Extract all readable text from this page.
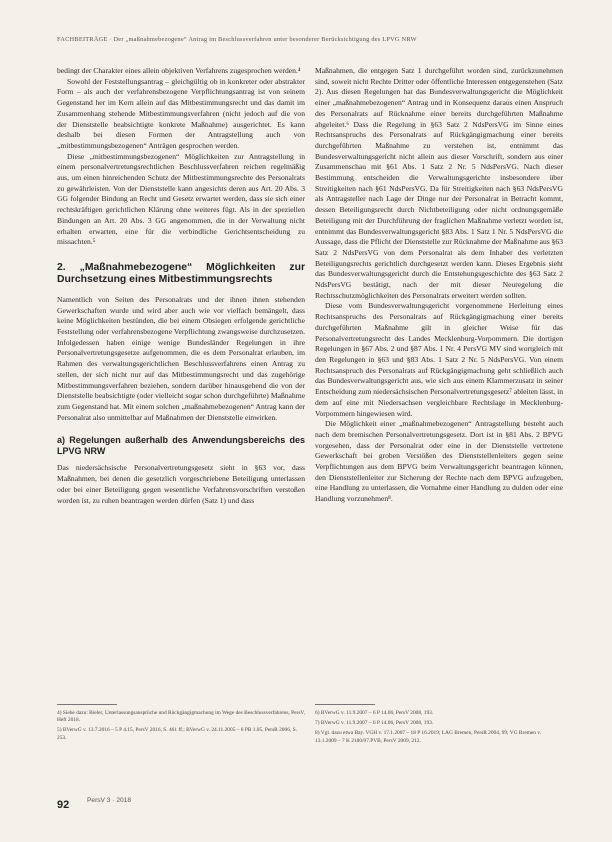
FACHBEITRÄGE · Der „maßnahmebezogene“ Antrag im Beschlussverfahren unter besonderer Berücksichtigung des LPVG NRW

bedingt der Charakter eines allein objektiven Verfahrens zugesprochen werden.⁴

Sowohl der Feststellungsantrag – gleichgültig ob in konkreter oder abstrakter Form – als auch der verfahrensbezogene Verpflichtungsantrag ist von seinem Gegenstand her im Kern allein auf das Mitbestimmungsrecht und das damit im Zusammenhang stehende Mitbestimmungsverfahren (nicht jedoch auf die von der Dienststelle beabsichtigte konkrete Maßnahme) ausgerichtet. Es kann deshalb bei diesen Formen der Antragstellung auch von „mitbestimmungsbezogenen“ Anträgen gesprochen werden.

Diese „mitbestimmungsbezogenen“ Möglichkeiten zur Antragstellung in einem personalvertretungsrechtlichen Beschlussverfahren reichen regelmäßig aus, um einen hinreichenden Schutz der Mitbestimmungsrechte des Personalrats zu gewährleisten. Von der Dienststelle kann angesichts deren aus Art. 20 Abs. 3 GG folgender Bindung an Recht und Gesetz erwartet werden, dass sie sich einer rechtskräftigen gerichtlichen Klärung ohne weiteres fügt. Als in der speziellen Bindungen an Art. 20 Abs. 3 GG angenommen, die in der Verwaltung nicht erhalten erwarten, eine für die verbindliche Gerichtsentscheidung zu missachten.⁵

2. „Maßnahmebezogene“ Möglichkeiten zur Durchsetzung eines Mitbestimmungsrechts

Namentlich von Seiten des Personalrats und der ihnen ihnen stehenden Gewerkschaften wurde und wird aber auch wie vor vielfach bemängelt, dass keine Möglichkeiten bestünden, die bei einem Obsiegen erfolgende gerichtliche Feststellung oder verfahrensbezogene Verpflichtung zwangsweise durchzusetzen. Infolgedessen haben einige wenige Bundesländer Regelungen in ihre Personalvertretungsgesetze aufgenommen, die es dem Personalrat erlauben, im Rahmen des verwaltungsgerichtlichen Beschlussverfahrens einen Antrag zu stellen, der sich nicht nur auf das Mitbestimmungsrecht und das zugehörige Mitbestimmungsverfahren beziehen, sondern darüber hinausgehend die von der Dienststelle beabsichtigte (oder vielleicht sogar schon durchgeführte) Maßnahme zum Gegenstand hat. Mit einem solchen „maßnahmebezogenen“ Antrag kann der Personalrat also unmittelbar auf Maßnahmen der Dienststelle einwirken.

a) Regelungen außerhalb des Anwendungsbereichs des LPVG NRW

Das niedersächsische Personalvertretungsgesetz sieht in §63 vor, dass Maßnahmen, bei denen die gesetzlich vorgeschriebene Beteiligung unterlassen oder bei einer Beteiligung gegen wesentliche Verfahrensvorschriften verstoßen worden ist, zu ruhen beantragen werden dürfen (Satz 1) und dass

Maßnahmen, die entgegen Satz 1 durchgeführt worden sind, zurückzunehmen sind, soweit nicht Rechte Dritter oder öffentliche Interessen entgegenstehen (Satz 2). Aus diesen Regelungen hat das Bundesverwaltungsgericht die Möglichkeit einer „maßnahmebezogenen“ Antrag und in Konsequenz daraus einen Anspruch des Personalrats auf Rücknahme einer bereits durchgeführten Maßnahme abgeleitet.⁶ Dass die Regelung in §63 Satz 2 NdsPersVG im Sinne eines Rechtsanspruchs des Personalrats auf Rückgängigmachung einer bereits durchgeführten Maßnahme zu verstehen ist, entnimmt das Bundesverwaltungsgericht nicht allein aus dieser Vorschrift, sondern aus einer Zusammenschau mit §61 Abs. 1 Satz 2 Nr. 5 NdsPersVG. Nach dieser Bestimmung entscheiden die Verwaltungsgerichte insbesondere über Streitigkeiten nach §61 NdsPersVG. Da für Streitigkeiten nach §63 NdsPersVG als Antragsteller nach Lage der Dinge nur der Personalrat in Betracht kommt, dessen Beteiligungsrecht durch Nichtbeteiligung oder nicht ordnungsgemäße Beteiligung mit der Durchführung der fraglichen Maßnahme verletzt worden ist, entnimmt das Bundesverwaltungsgericht §83 Abs. 1 Satz 1 Nr. 5 NdsPersVG die Aussage, dass die Pflicht der Dienststelle zur Rücknahme der Maßnahme aus §63 Satz 2 NdsPersVG von dem Personalrat als dem Inhaber des verletzten Beteiligungsrechts gerichtlich durchgesetzt werden kann. Dieses Ergebnis sieht das Bundesverwaltungsgericht durch die Entstehungsgeschichte des §63 Satz 2 NdsPersVG bestätigt, nach der mit dieser Neuregelung die Rechtsschutzmöglichkeiten des Personalrats erweitert werden sollten.

Diese vom Bundesverwaltungsgericht vorgenommene Herleitung eines Rechtsanspruchs des Personalrats auf Rückgängigmachung einer bereits durchgeführten Maßnahme gilt in gleicher Weise für das Personalvertretungsrecht des Landes Mecklenburg-Vorpommern. Die dortigen Regelungen in §67 Abs. 2 und §87 Abs. 1 Nr. 4 PersVG MV sind wortgleich mit den Regelungen in §63 und §83 Abs. 1 Satz 2 Nr. 5 NdsPersVG. Von einem Rechtsanspruch des Personalrats auf Rückgängigmachung geht schließlich auch das Bundesverwaltungsgericht aus, wie sich aus einem Klammerzusatz in seiner Entscheidung zum niedersächsischen Personalvertretungsgesetz⁷ ableiten lässt, in dem auf eine mit Niedersachsen vergleichbare Rechtslage in Mecklenburg-Vorpommern hingewiesen wird.

Die Möglichkeit einer „maßnahmebezogenen“ Antragstellung besteht auch nach dem bremischen Personalvertretungsgesetz. Dort ist in §81 Abs. 2 BPVG vorgesehen, dass der Personalrat oder eine in der Dienststelle vertretene Gewerkschaft bei groben Verstößen des Dienststellenleiters gegen seine Verpflichtungen aus dem BPVG beim Verwaltungsgericht beantragen können, den Dienststellenleiter zur Sicherung der Rechte nach dem BPVG aufzugeben, eine Handlung zu unterlassen, die Vornahme einer Handlung zu dulden oder eine Handlung vorzunehmen⁸.

4) Siehe dazu: Bieler, Unterlassungsansprüche und Rückgängigmachung im Wege des Beschlussverfahrens, PersV, Heft 2018.

5) BVerwG v. 13.7.2016 – 5 P 4.15, PersV 2016, S. 461 ff.; BVerwG v. 24.11.2005 – 6 PB 1.05, PersR 2006, S. 253.

6) BVerwG v. 11.9.2007 – 6 P 14.06, PersV 2008, 193.

7) BVerwG v. 11.9.2007 – 6 P 14.06, PersV 2008, 193.

8) Vgl. dazu etwa Bay. VGH v. 17.1.2007 – 18 P 16.2019; LAG Bremen, PersR 2004, 99; VG Bremen v. 13.1.2009 – 7 K 2180/07.PVB, PersV 2009, 212.

92	PersV 3 · 2018
